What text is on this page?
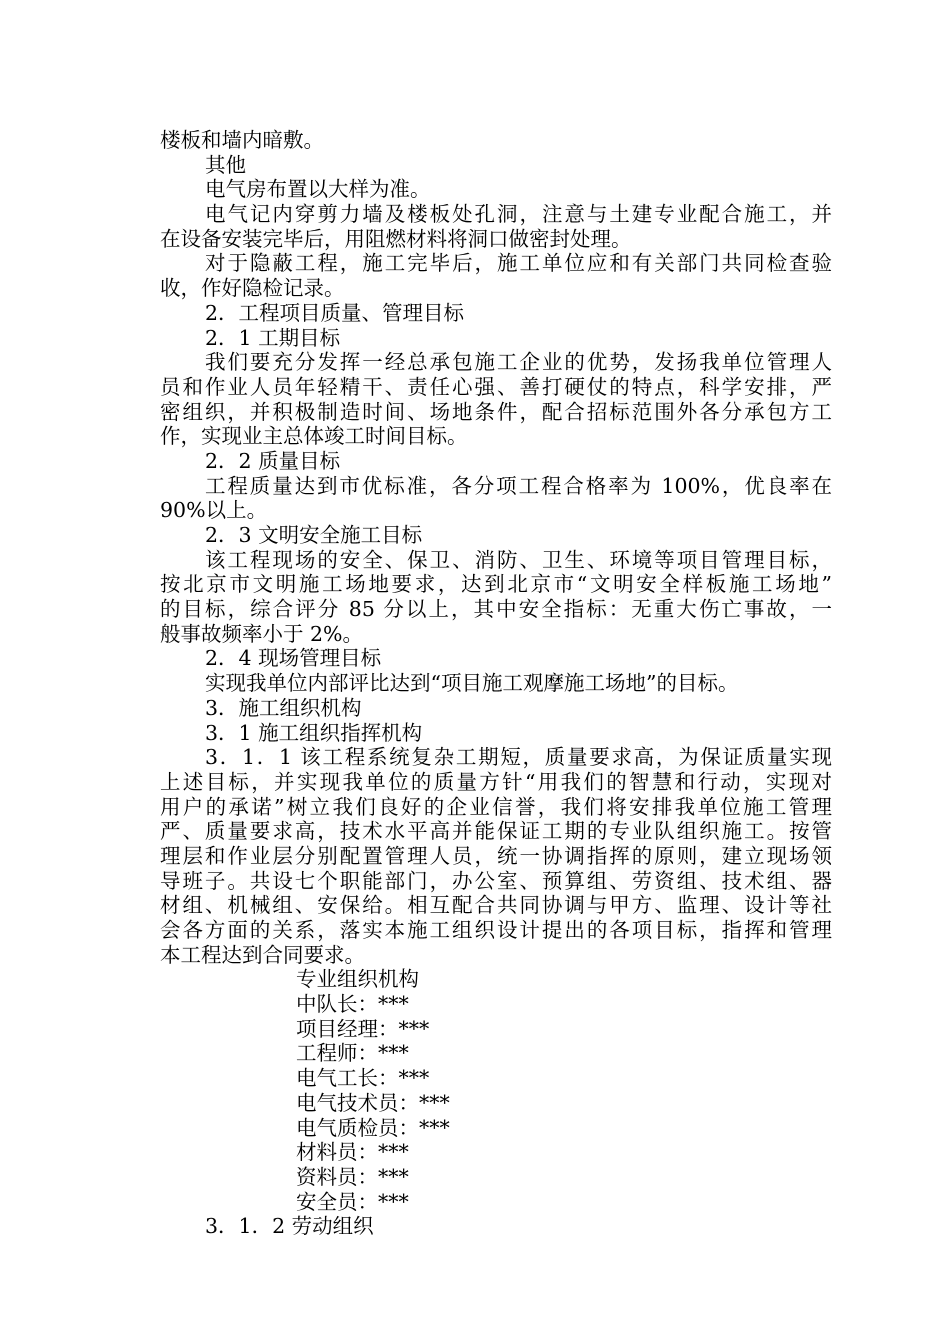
楼板和墙内暗敷。
其他
电气房布置以大样为准。
电气记内穿剪力墙及楼板处孔洞，注意与土建专业配合施工，并
在设备安装完毕后，用阻燃材料将洞口做密封处理。
对于隐蔽工程，施工完毕后，施工单位应和有关部门共同检查验
收，作好隐检记录。
2．工程项目质量、管理目标
2．1 工期目标
我们要充分发挥一经总承包施工企业的优势，发扬我单位管理人
员和作业人员年轻精干、责任心强、善打硬仗的特点，科学安排，严
密组织，并积极制造时间、场地条件，配合招标范围外各分承包方工
作，实现业主总体竣工时间目标。
2．2 质量目标
工程质量达到市优标准，各分项工程合格率为 100%，优良率在
90%以上。
2．3 文明安全施工目标
该工程现场的安全、保卫、消防、卫生、环境等项目管理目标，
按北京市文明施工场地要求，达到北京市“文明安全样板施工场地”
的目标，综合评分 85 分以上，其中安全指标：无重大伤亡事故，一
般事故频率小于 2%。
2．4 现场管理目标
实现我单位内部评比达到“项目施工观摩施工场地”的目标。
3．施工组织机构
3．1 施工组织指挥机构
3．1．1 该工程系统复杂工期短，质量要求高，为保证质量实现
上述目标，并实现我单位的质量方针“用我们的智慧和行动，实现对
用户的承诺”树立我们良好的企业信誉，我们将安排我单位施工管理
严、质量要求高，技术水平高并能保证工期的专业队组织施工。按管
理层和作业层分别配置管理人员，统一协调指挥的原则，建立现场领
导班子。共设七个职能部门，办公室、预算组、劳资组、技术组、器
材组、机械组、安保给。相互配合共同协调与甲方、监理、设计等社
会各方面的关系，落实本施工组织设计提出的各项目标，指挥和管理
本工程达到合同要求。
专业组织机构
中队长：***
项目经理：***
工程师：***
电气工长：***
电气技术员：***
电气质检员：***
材料员：***
资料员：***
安全员：***
3．1．2 劳动组织
